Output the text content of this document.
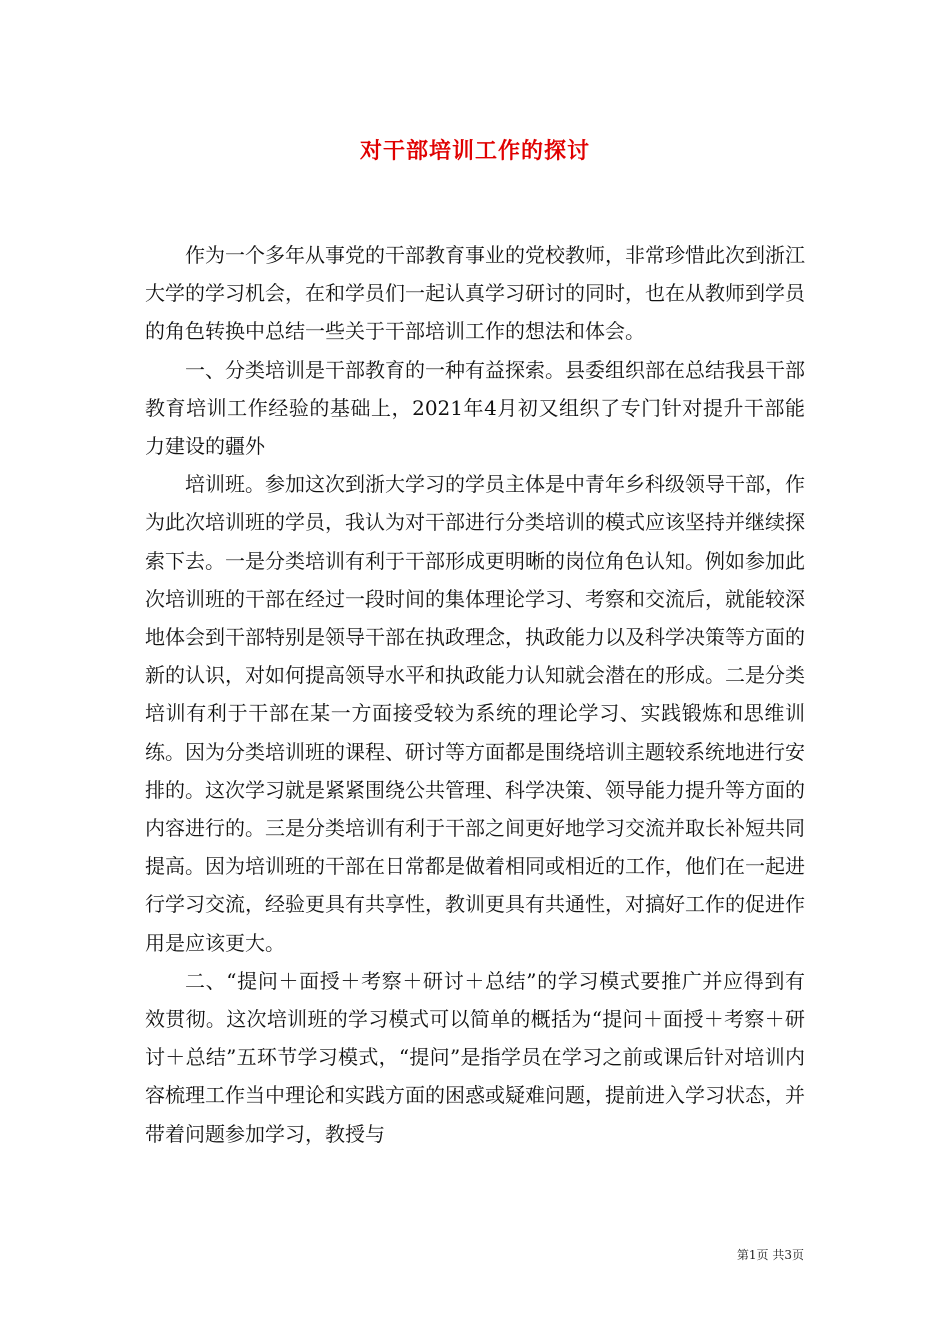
对干部培训工作的探讨

作为一个多年从事党的干部教育事业的党校教师，非常珍惜此次到浙江大学的学习机会，在和学员们一起认真学习研讨的同时，也在从教师到学员的角色转换中总结一些关于干部培训工作的想法和体会。

一、分类培训是干部教育的一种有益探索。县委组织部在总结我县干部教育培训工作经验的基础上，2021年4月初又组织了专门针对提升干部能力建设的疆外

培训班。参加这次到浙大学习的学员主体是中青年乡科级领导干部，作为此次培训班的学员，我认为对干部进行分类培训的模式应该坚持并继续探索下去。一是分类培训有利于干部形成更明晰的岗位角色认知。例如参加此次培训班的干部在经过一段时间的集体理论学习、考察和交流后，就能较深地体会到干部特别是领导干部在执政理念，执政能力以及科学决策等方面的新的认识，对如何提高领导水平和执政能力认知就会潜在的形成。二是分类培训有利于干部在某一方面接受较为系统的理论学习、实践锻炼和思维训练。因为分类培训班的课程、研讨等方面都是围绕培训主题较系统地进行安排的。这次学习就是紧紧围绕公共管理、科学决策、领导能力提升等方面的内容进行的。三是分类培训有利于干部之间更好地学习交流并取长补短共同提高。因为培训班的干部在日常都是做着相同或相近的工作，他们在一起进行学习交流，经验更具有共享性，教训更具有共通性，对搞好工作的促进作用是应该更大。

二、“提问＋面授＋考察＋研讨＋总结”的学习模式要推广并应得到有效贯彻。这次培训班的学习模式可以简单的概括为“提问＋面授＋考察＋研讨＋总结”五环节学习模式，“提问”是指学员在学习之前或课后针对培训内容梳理工作当中理论和实践方面的困惑或疑难问题，提前进入学习状态，并带着问题参加学习，教授与

第1页 共3页
